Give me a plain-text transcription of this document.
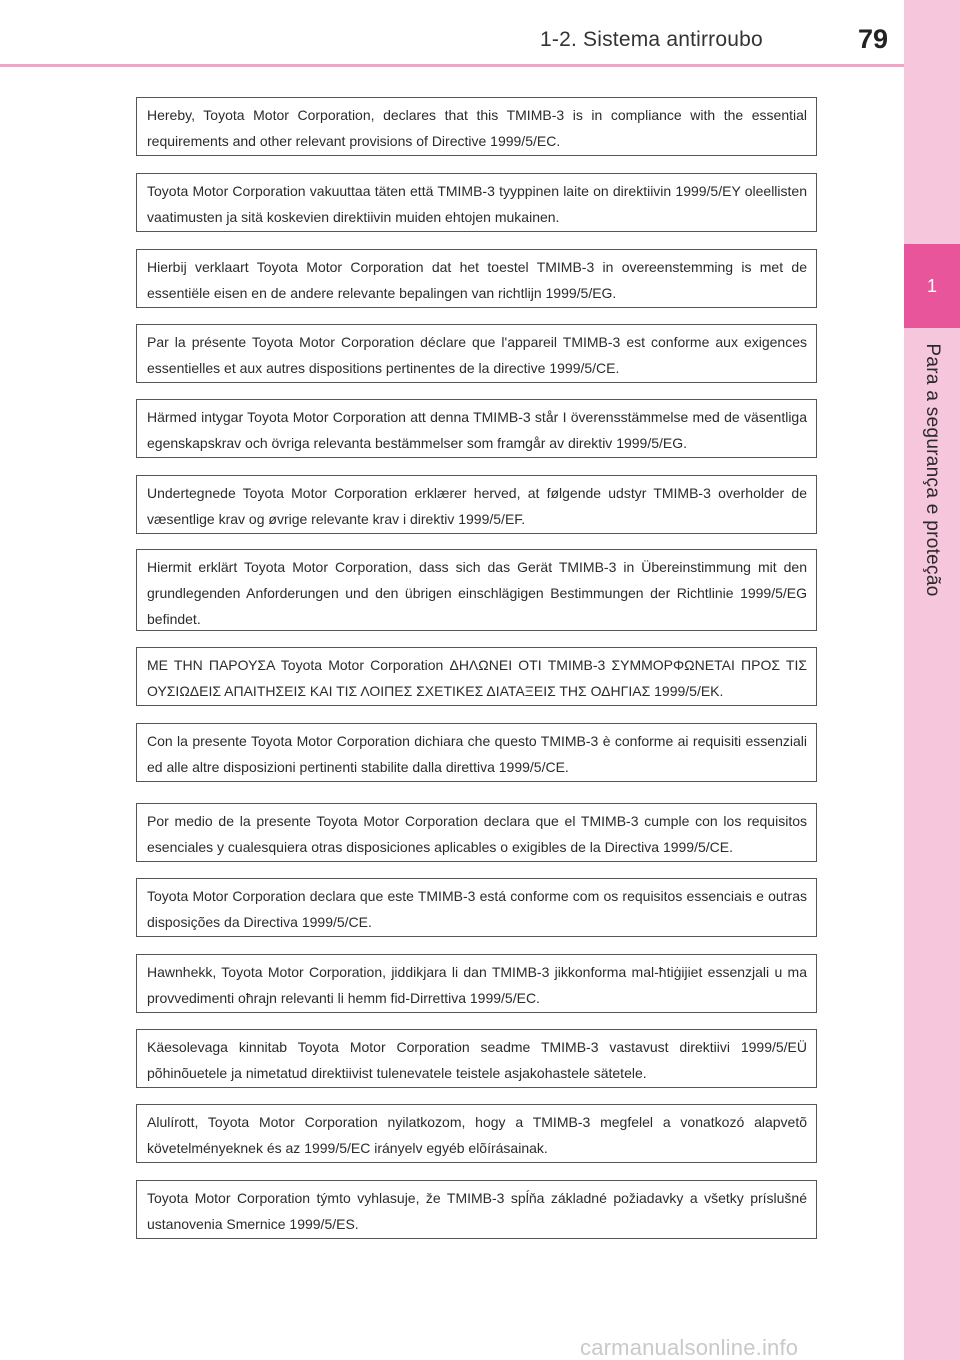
1-2. Sistema antirroubo	79
1
Para a segurança e proteção
Hereby, Toyota Motor Corporation, declares that this TMIMB-3 is in compliance with the essential requirements and other relevant provisions of Directive 1999/5/EC.
Toyota Motor Corporation vakuuttaa täten että TMIMB-3 tyyppinen laite on direktiivin 1999/5/EY oleellisten vaatimusten ja sitä koskevien direktiivin muiden ehtojen mukainen.
Hierbij verklaart Toyota Motor Corporation dat het toestel TMIMB-3 in overeenstemming is met de essentiële eisen en de andere relevante bepalingen van richtlijn 1999/5/EG.
Par la présente Toyota Motor Corporation déclare que l'appareil TMIMB-3 est conforme aux exigences essentielles et aux autres dispositions pertinentes de la directive 1999/5/CE.
Härmed intygar Toyota Motor Corporation att denna TMIMB-3 står I överensstämmelse med de väsentliga egenskapskrav och övriga relevanta bestämmelser som framgår av direktiv 1999/5/EG.
Undertegnede Toyota Motor Corporation erklærer herved, at følgende udstyr TMIMB-3 overholder de væsentlige krav og øvrige relevante krav i direktiv 1999/5/EF.
Hiermit erklärt Toyota Motor Corporation, dass sich das Gerät TMIMB-3 in Übereinstimmung mit den grundlegenden Anforderungen und den übrigen einschlägigen Bestimmungen der Richtlinie 1999/5/EG befindet.
ΜΕ ΤΗΝ ΠΑΡΟΥΣΑ Toyota Motor Corporation ΔΗΛΩΝΕΙ ΟΤΙ TMIMB-3 ΣΥΜΜΟΡΦΩΝΕΤΑΙ ΠΡΟΣ ΤΙΣ ΟΥΣΙΩΔΕΙΣ ΑΠΑΙΤΗΣΕΙΣ ΚΑΙ ΤΙΣ ΛΟΙΠΕΣ ΣΧΕΤΙΚΕΣ ΔΙΑΤΑΞΕΙΣ ΤΗΣ ΟΔΗΓΙΑΣ 1999/5/ΕΚ.
Con la presente Toyota Motor Corporation dichiara che questo TMIMB-3 è conforme ai requisiti essenziali ed alle altre disposizioni pertinenti stabilite dalla direttiva 1999/5/CE.
Por medio de la presente Toyota Motor Corporation declara que el TMIMB-3 cumple con los requisitos esenciales y cualesquiera otras disposiciones aplicables o exigibles de la Directiva 1999/5/CE.
Toyota Motor Corporation declara que este TMIMB-3 está conforme com os requisitos essenciais e outras disposições da Directiva 1999/5/CE.
Hawnhekk, Toyota Motor Corporation, jiddikjara li dan TMIMB-3 jikkonforma mal-ħtiġijiet essenzjali u ma provvedimenti oħrajn relevanti li hemm fid-Dirrettiva 1999/5/EC.
Käesolevaga kinnitab Toyota Motor Corporation seadme TMIMB-3 vastavust direktiivi 1999/5/EÜ põhinõuetele ja nimetatud direktiivist tulenevatele teistele asjakohastele sätetele.
Alulírott, Toyota Motor Corporation nyilatkozom, hogy a TMIMB-3 megfelel a vonatkozó alapvetõ követelményeknek és az 1999/5/EC irányelv egyéb elõírásainak.
Toyota Motor Corporation týmto vyhlasuje, že TMIMB-3 spĺňa základné požiadavky a všetky príslušné ustanovenia Smernice 1999/5/ES.
carmanualsonline.info
